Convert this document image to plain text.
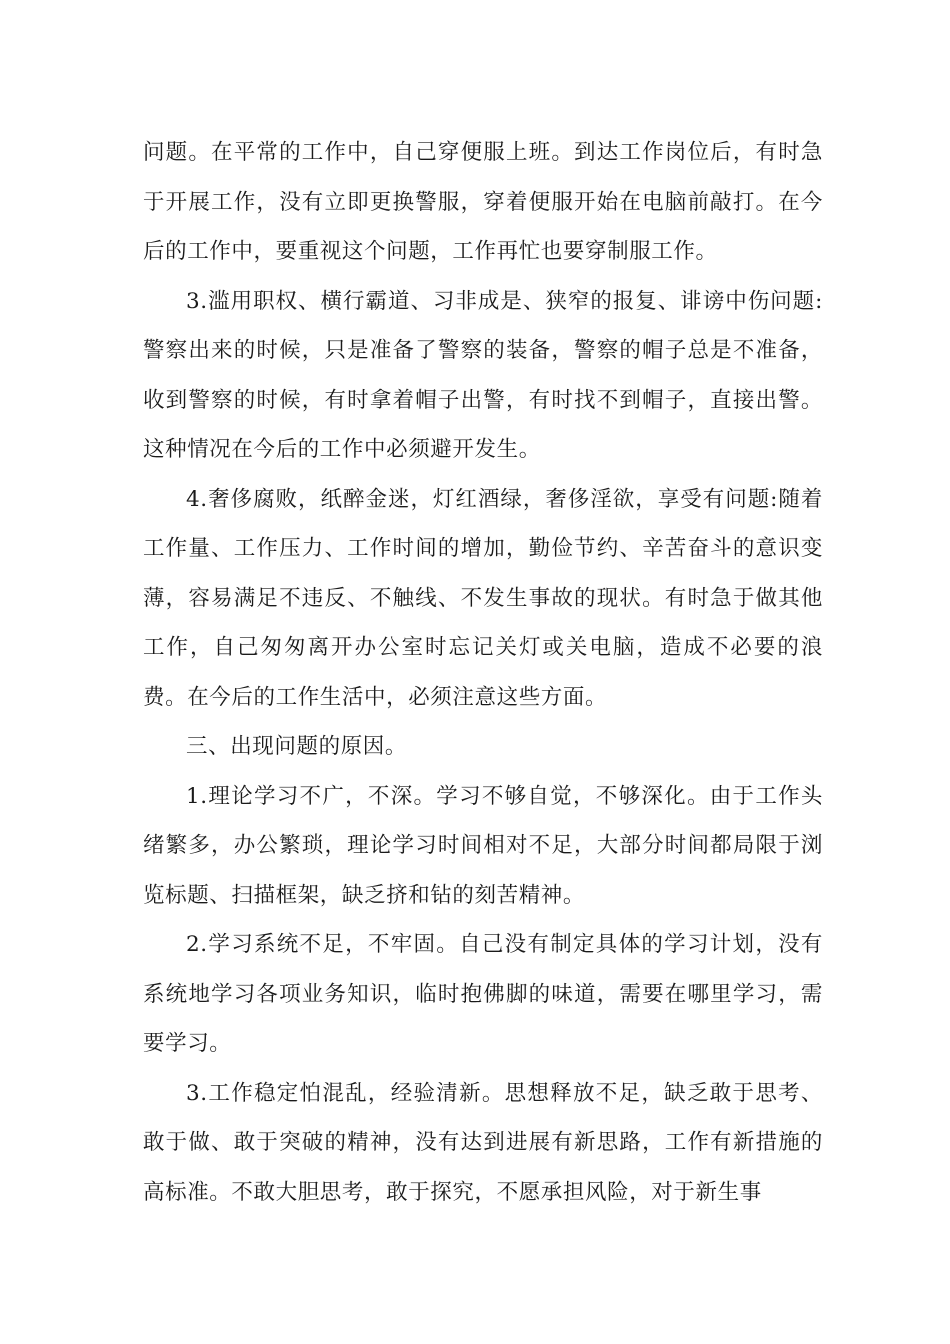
问题。在平常的工作中，自己穿便服上班。到达工作岗位后，有时急于开展工作，没有立即更换警服，穿着便服开始在电脑前敲打。在今后的工作中，要重视这个问题，工作再忙也要穿制服工作。

3.滥用职权、横行霸道、习非成是、狭窄的报复、诽谤中伤问题:警察出来的时候，只是准备了警察的装备，警察的帽子总是不准备，收到警察的时候，有时拿着帽子出警，有时找不到帽子，直接出警。这种情况在今后的工作中必须避开发生。

4.奢侈腐败，纸醉金迷，灯红酒绿，奢侈淫欲，享受有问题:随着工作量、工作压力、工作时间的增加，勤俭节约、辛苦奋斗的意识变薄，容易满足不违反、不触线、不发生事故的现状。有时急于做其他工作，自己匆匆离开办公室时忘记关灯或关电脑，造成不必要的浪费。在今后的工作生活中，必须注意这些方面。

三、出现问题的原因。

1.理论学习不广，不深。学习不够自觉，不够深化。由于工作头绪繁多，办公繁琐，理论学习时间相对不足，大部分时间都局限于浏览标题、扫描框架，缺乏挤和钻的刻苦精神。

2.学习系统不足，不牢固。自己没有制定具体的学习计划，没有系统地学习各项业务知识，临时抱佛脚的味道，需要在哪里学习，需要学习。

3.工作稳定怕混乱，经验清新。思想释放不足，缺乏敢于思考、敢于做、敢于突破的精神，没有达到进展有新思路，工作有新措施的高标准。不敢大胆思考，敢于探究，不愿承担风险，对于新生事
